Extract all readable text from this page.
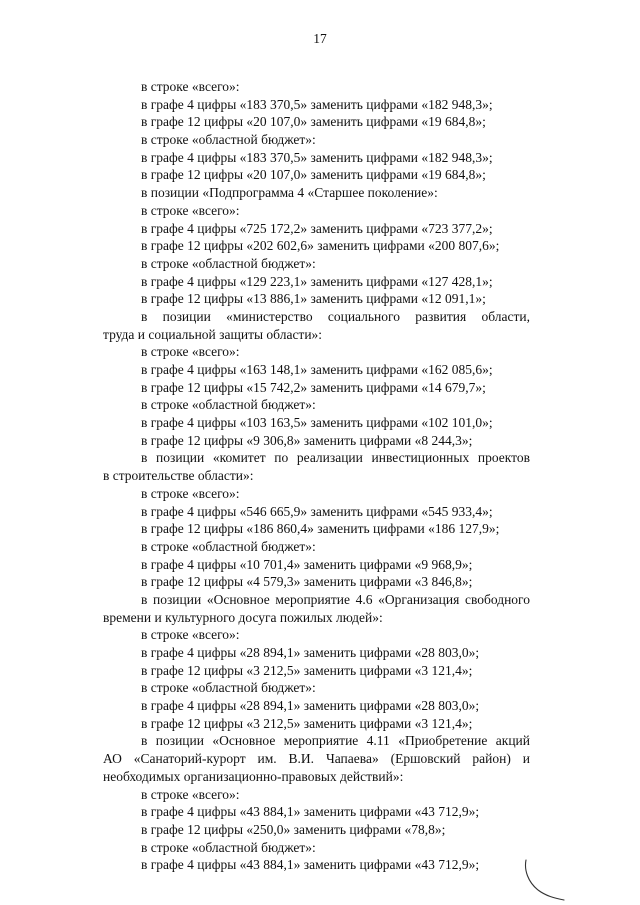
17
в строке «всего»:
в графе 4 цифры «183 370,5» заменить цифрами «182 948,3»;
в графе 12 цифры «20 107,0» заменить цифрами «19 684,8»;
в строке «областной бюджет»:
в графе 4 цифры «183 370,5» заменить цифрами «182 948,3»;
в графе 12 цифры «20 107,0» заменить цифрами «19 684,8»;
в позиции «Подпрограмма 4 «Старшее поколение»:
в строке «всего»:
в графе 4 цифры «725 172,2» заменить цифрами «723 377,2»;
в графе 12 цифры «202 602,6» заменить цифрами «200 807,6»;
в строке «областной бюджет»:
в графе 4 цифры «129 223,1» заменить цифрами «127 428,1»;
в графе 12 цифры «13 886,1» заменить цифрами «12 091,1»;
в позиции «министерство социального развития области,
труда и социальной защиты области»:
в строке «всего»:
в графе 4 цифры «163 148,1» заменить цифрами «162 085,6»;
в графе 12 цифры «15 742,2» заменить цифрами «14 679,7»;
в строке «областной бюджет»:
в графе 4 цифры «103 163,5» заменить цифрами «102 101,0»;
в графе 12 цифры «9 306,8» заменить цифрами «8 244,3»;
в позиции «комитет по реализации инвестиционных проектов
в строительстве области»:
в строке «всего»:
в графе 4 цифры «546 665,9» заменить цифрами «545 933,4»;
в графе 12 цифры «186 860,4» заменить цифрами «186 127,9»;
в строке «областной бюджет»:
в графе 4 цифры «10 701,4» заменить цифрами «9 968,9»;
в графе 12 цифры «4 579,3» заменить цифрами «3 846,8»;
в позиции «Основное мероприятие 4.6 «Организация свободного
времени и культурного досуга пожилых людей»:
в строке «всего»:
в графе 4 цифры «28 894,1» заменить цифрами «28 803,0»;
в графе 12 цифры «3 212,5» заменить цифрами «3 121,4»;
в строке «областной бюджет»:
в графе 4 цифры «28 894,1» заменить цифрами «28 803,0»;
в графе 12 цифры «3 212,5» заменить цифрами «3 121,4»;
в позиции «Основное мероприятие 4.11 «Приобретение акций
АО «Санаторий-курорт им. В.И. Чапаева» (Ершовский район) и
необходимых организационно-правовых действий»:
в строке «всего»:
в графе 4 цифры «43 884,1» заменить цифрами «43 712,9»;
в графе 12 цифры «250,0» заменить цифрами «78,8»;
в строке «областной бюджет»:
в графе 4 цифры «43 884,1» заменить цифрами «43 712,9»;
